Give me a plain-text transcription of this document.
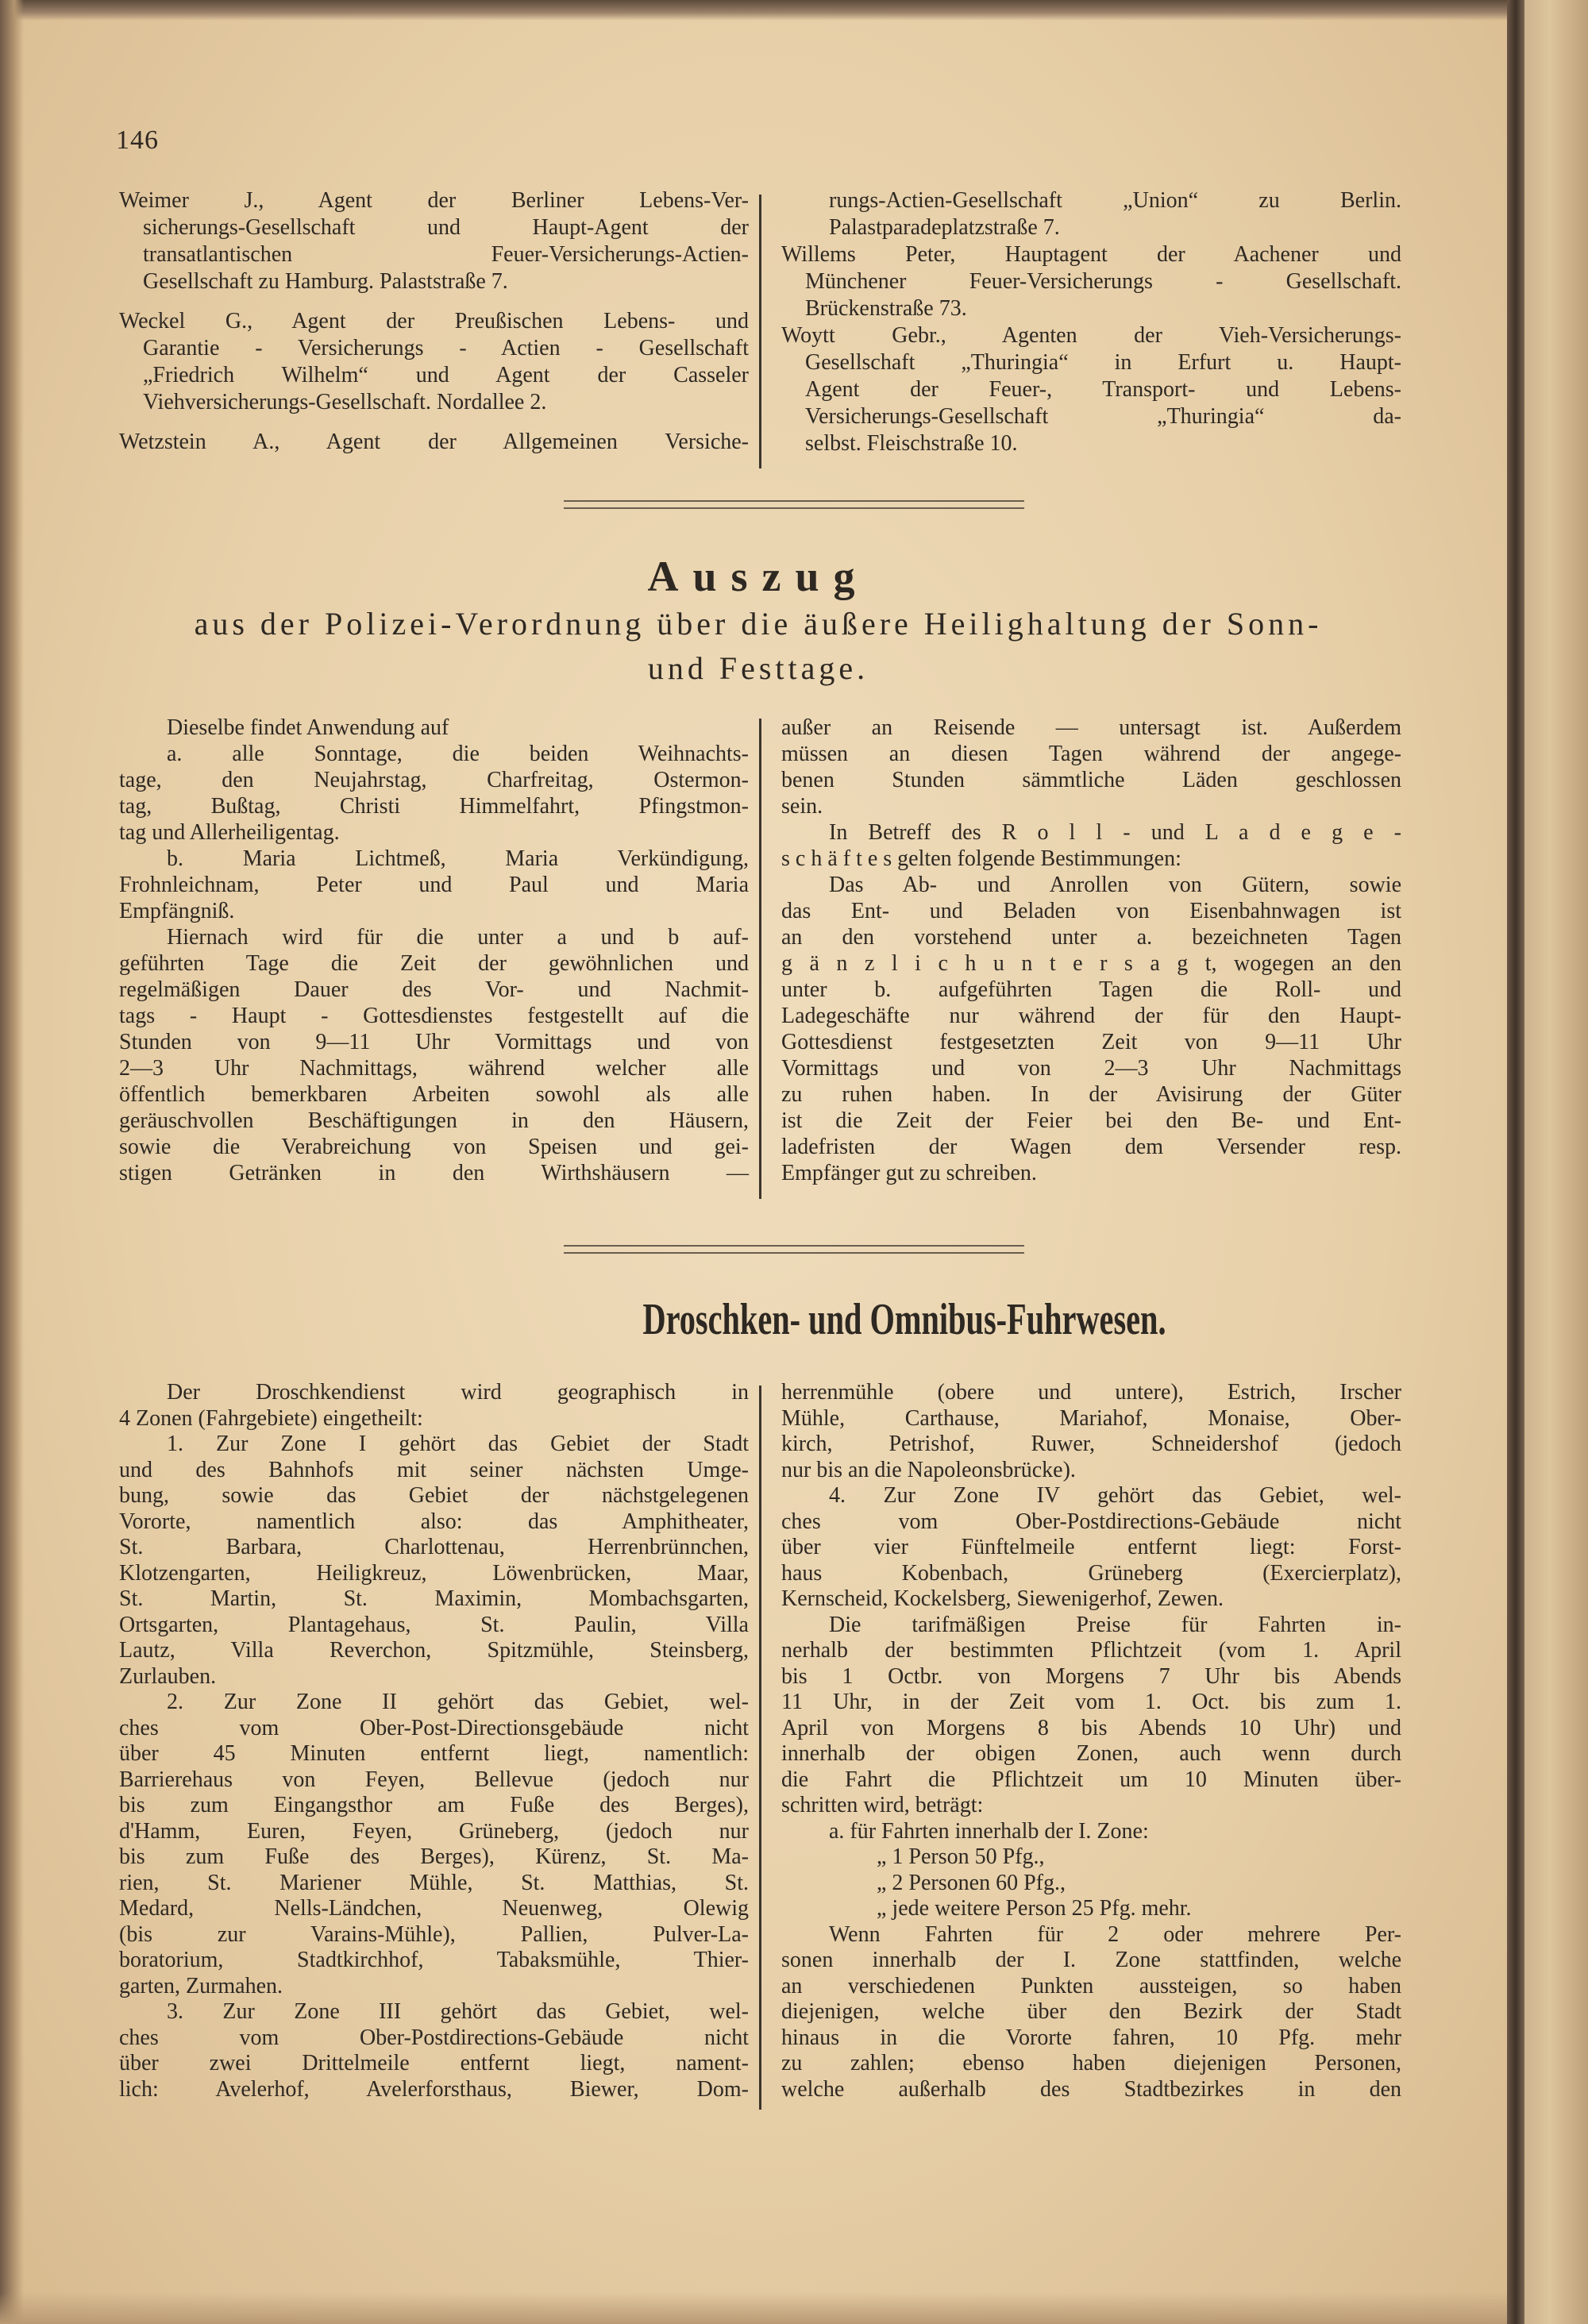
146
Weimer J., Agent der Berliner Lebens-Ver-
sicherungs-Gesellschaft und Haupt-Agent der
transatlantischen Feuer-Versicherungs-Actien-
Gesellschaft zu Hamburg. Palaststraße 7.
Weckel G., Agent der Preußischen Lebens- und
Garantie - Versicherungs - Actien - Gesellschaft
„Friedrich Wilhelm“ und Agent der Casseler
Viehversicherungs-Gesellschaft. Nordallee 2.
Wetzstein A., Agent der Allgemeinen Versiche-
rungs-Actien-Gesellschaft „Union“ zu Berlin.
Palastparadeplatzstraße 7.
Willems Peter, Hauptagent der Aachener und
Münchener Feuer-Versicherungs - Gesellschaft.
Brückenstraße 73.
Woytt Gebr., Agenten der Vieh-Versicherungs-
Gesellschaft „Thuringia“ in Erfurt u. Haupt-
Agent der Feuer-, Transport- und Lebens-
Versicherungs-Gesellschaft „Thuringia“ da-
selbst. Fleischstraße 10.
Auszug
aus der Polizei-Verordnung über die äußere Heilighaltung der Sonn-
und Festtage.
Dieselbe findet Anwendung auf
a. alle Sonntage, die beiden Weihnachts-
tage, den Neujahrstag, Charfreitag, Ostermon-
tag, Bußtag, Christi Himmelfahrt, Pfingstmon-
tag und Allerheiligentag.
b. Maria Lichtmeß, Maria Verkündigung,
Frohnleichnam, Peter und Paul und Maria
Empfängniß.
Hiernach wird für die unter a und b auf-
geführten Tage die Zeit der gewöhnlichen und
regelmäßigen Dauer des Vor- und Nachmit-
tags - Haupt - Gottesdienstes festgestellt auf die
Stunden von 9—11 Uhr Vormittags und von
2—3 Uhr Nachmittags, während welcher alle
öffentlich bemerkbaren Arbeiten sowohl als alle
geräuschvollen Beschäftigungen in den Häusern,
sowie die Verabreichung von Speisen und gei-
stigen Getränken in den Wirthshäusern —
außer an Reisende — untersagt ist. Außerdem
müssen an diesen Tagen während der angege-
benen Stunden sämmtliche Läden geschlossen
sein.
In Betreff des R o l l - und L a d e g e -
s c h ä f t e s gelten folgende Bestimmungen:
Das Ab- und Anrollen von Gütern, sowie
das Ent- und Beladen von Eisenbahnwagen ist
an den vorstehend unter a. bezeichneten Tagen
g ä n z l i c h u n t e r s a g t, wogegen an den
unter b. aufgeführten Tagen die Roll- und
Ladegeschäfte nur während der für den Haupt-
Gottesdienst festgesetzten Zeit von 9—11 Uhr
Vormittags und von 2—3 Uhr Nachmittags
zu ruhen haben. In der Avisirung der Güter
ist die Zeit der Feier bei den Be- und Ent-
ladefristen der Wagen dem Versender resp.
Empfänger gut zu schreiben.
Droschken- und Omnibus-Fuhrwesen.
Der Droschkendienst wird geographisch in
4 Zonen (Fahrgebiete) eingetheilt:
1. Zur Zone I gehört das Gebiet der Stadt
und des Bahnhofs mit seiner nächsten Umge-
bung, sowie das Gebiet der nächstgelegenen
Vororte, namentlich also: das Amphitheater,
St. Barbara, Charlottenau, Herrenbrünnchen,
Klotzengarten, Heiligkreuz, Löwenbrücken, Maar,
St. Martin, St. Maximin, Mombachsgarten,
Ortsgarten, Plantagehaus, St. Paulin, Villa
Lautz, Villa Reverchon, Spitzmühle, Steinsberg,
Zurlauben.
2. Zur Zone II gehört das Gebiet, wel-
ches vom Ober-Post-Directionsgebäude nicht
über 45 Minuten entfernt liegt, namentlich:
Barrierehaus von Feyen, Bellevue (jedoch nur
bis zum Eingangsthor am Fuße des Berges),
d'Hamm, Euren, Feyen, Grüneberg, (jedoch nur
bis zum Fuße des Berges), Kürenz, St. Ma-
rien, St. Mariener Mühle, St. Matthias, St.
Medard, Nells-Ländchen, Neuenweg, Olewig
(bis zur Varains-Mühle), Pallien, Pulver-La-
boratorium, Stadtkirchhof, Tabaksmühle, Thier-
garten, Zurmahen.
3. Zur Zone III gehört das Gebiet, wel-
ches vom Ober-Postdirections-Gebäude nicht
über zwei Drittelmeile entfernt liegt, nament-
lich: Avelerhof, Avelerforsthaus, Biewer, Dom-
herrenmühle (obere und untere), Estrich, Irscher
Mühle, Carthause, Mariahof, Monaise, Ober-
kirch, Petrishof, Ruwer, Schneidershof (jedoch
nur bis an die Napoleonsbrücke).
4. Zur Zone IV gehört das Gebiet, wel-
ches vom Ober-Postdirections-Gebäude nicht
über vier Fünftelmeile entfernt liegt: Forst-
haus Kobenbach, Grüneberg (Exercierplatz),
Kernscheid, Kockelsberg, Siewenigerhof, Zewen.
Die tarifmäßigen Preise für Fahrten in-
nerhalb der bestimmten Pflichtzeit (vom 1. April
bis 1 Octbr. von Morgens 7 Uhr bis Abends
11 Uhr, in der Zeit vom 1. Oct. bis zum 1.
April von Morgens 8 bis Abends 10 Uhr) und
innerhalb der obigen Zonen, auch wenn durch
die Fahrt die Pflichtzeit um 10 Minuten über-
schritten wird, beträgt:
a. für Fahrten innerhalb der I. Zone:
„ 1 Person 50 Pfg.,
„ 2 Personen 60 Pfg.,
„ jede weitere Person 25 Pfg. mehr.
Wenn Fahrten für 2 oder mehrere Per-
sonen innerhalb der I. Zone stattfinden, welche
an verschiedenen Punkten aussteigen, so haben
diejenigen, welche über den Bezirk der Stadt
hinaus in die Vororte fahren, 10 Pfg. mehr
zu zahlen; ebenso haben diejenigen Personen,
welche außerhalb des Stadtbezirkes in den
